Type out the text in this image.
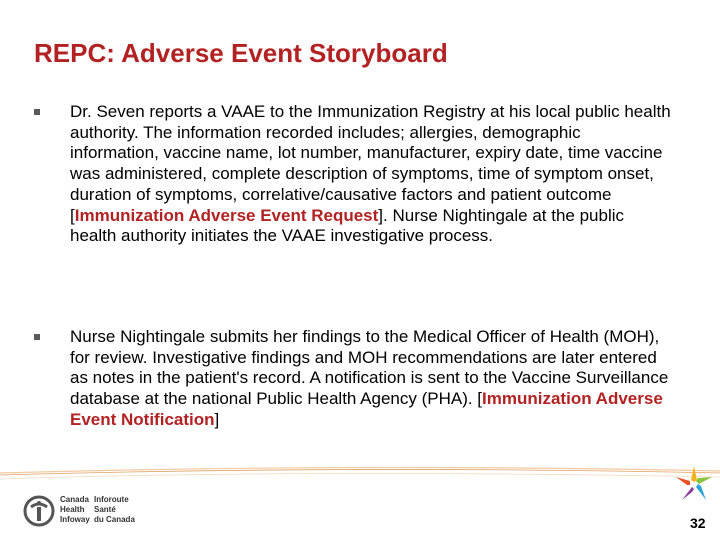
REPC: Adverse Event Storyboard
Dr. Seven reports a VAAE to the Immunization Registry at his local public health authority. The information recorded includes; allergies, demographic information, vaccine name, lot number, manufacturer, expiry date, time vaccine was administered, complete description of symptoms, time of symptom onset, duration of symptoms, correlative/causative factors and patient outcome [Immunization Adverse Event Request]. Nurse Nightingale at the public health authority initiates the VAAE investigative process.
Nurse Nightingale submits her findings to the Medical Officer of Health (MOH), for review. Investigative findings and MOH recommendations are later entered as notes in the patient's record. A notification is sent to the Vaccine Surveillance database at the national Public Health Agency (PHA). [Immunization Adverse Event Notification]
Canada
Health
Infoway
Inforoute
Santé
du Canada	32
